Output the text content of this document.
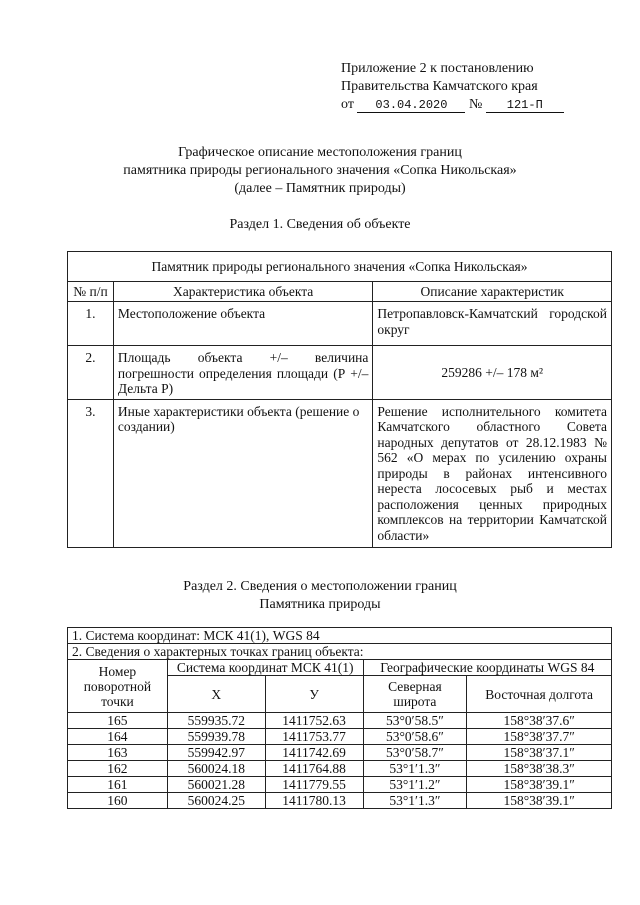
Приложение 2 к постановлению
Правительства Камчатского края
от 03.04.2020 № 121-П
Графическое описание местоположения границ
памятника природы регионального значения «Сопка Никольская»
(далее – Памятник природы)
Раздел 1. Сведения об объекте
Памятник природы регионального значения «Сопка Никольская»		
№ п/п	Характеристика объекта	Описание характеристик
1.	Местоположение объекта	Петропавловск-Камчатский городской округ
2.	Площадь объекта +/– величина погрешности определения площади (Р +/– Дельта Р)	259286 +/– 178 м²
3.	Иные характеристики объекта (решение о создании)	Решение исполнительного комитета Камчатского областного Совета народных депутатов от 28.12.1983 № 562 «О мерах по усилению охраны природы в районах интенсивного нереста лососевых рыб и местах расположения ценных природных комплексов на территории Камчатской области»
Раздел 2. Сведения о местоположении границ
Памятника природы
1. Система координат: МСК 41(1), WGS 84				
2. Сведения о характерных точках границ объекта:				
Номер поворотной точки	Система координат МСК 41(1)		Географические координаты WGS 84	
	Х	У	Северная широта	Восточная долгота
165	559935.72	1411752.63	53°0′58.5″	158°38′37.6″
164	559939.78	1411753.77	53°0′58.6″	158°38′37.7″
163	559942.97	1411742.69	53°0′58.7″	158°38′37.1″
162	560024.18	1411764.88	53°1′1.3″	158°38′38.3″
161	560021.28	1411779.55	53°1′1.2″	158°38′39.1″
160	560024.25	1411780.13	53°1′1.3″	158°38′39.1″
